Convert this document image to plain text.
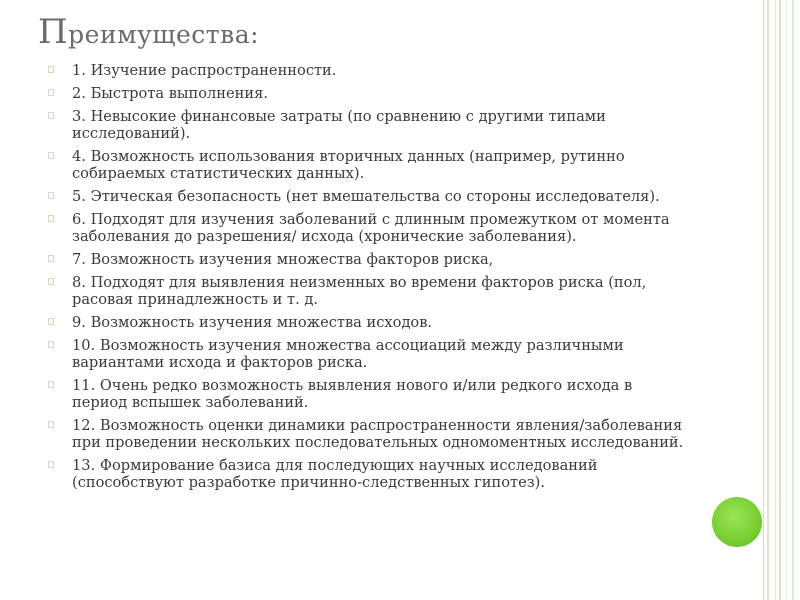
Преимущества:
1. Изучение распространенности.
2. Быстрота выполнения.
3. Невысокие финансовые затраты (по сравнению с другими типами исследований).
4. Возможность использования вторичных данных (например, рутинно собираемых статистических данных).
5. Этическая безопасность (нет вмешательства со стороны исследователя).
6. Подходят для изучения заболеваний с длинным промежутком от момента заболевания до разрешения/ исхода (хронические заболевания).
7. Возможность изучения множества факторов риска,
8. Подходят для выявления неизменных во времени факторов риска (пол, расовая принадлежность и т. д.
9. Возможность изучения множества исходов.
10. Возможность изучения множества ассоциаций между различными вариантами исхода и факторов риска.
11. Очень редко возможность выявления нового и/или редкого исхода в период вспышек заболеваний.
12. Возможность оценки динамики распространенности явления/заболевания при проведении нескольких последовательных одномоментных исследований.
13. Формирование базиса для последующих научных исследований (способствуют разработке причинно-следственных гипотез).
